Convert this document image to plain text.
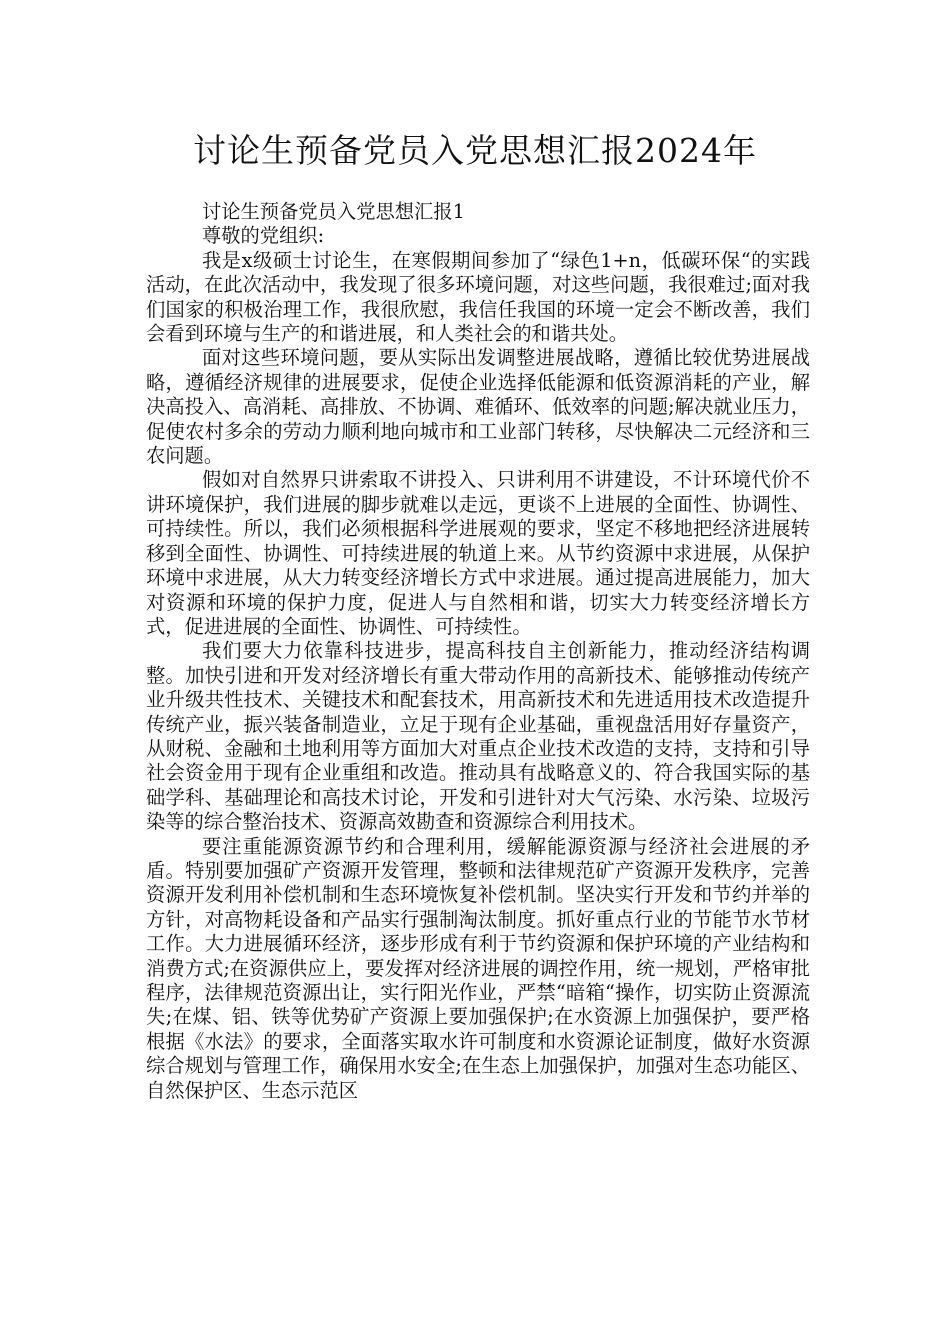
讨论生预备党员入党思想汇报2024年

讨论生预备党员入党思想汇报1

尊敬的党组织:

我是x级硕士讨论生，在寒假期间参加了“绿色1+n，低碳环保“的实践活动，在此次活动中，我发现了很多环境问题，对这些问题，我很难过;面对我们国家的积极治理工作，我很欣慰，我信任我国的环境一定会不断改善，我们会看到环境与生产的和谐进展，和人类社会的和谐共处。

面对这些环境问题，要从实际出发调整进展战略，遵循比较优势进展战略，遵循经济规律的进展要求，促使企业选择低能源和低资源消耗的产业，解决高投入、高消耗、高排放、不协调、难循环、低效率的问题;解决就业压力，促使农村多余的劳动力顺利地向城市和工业部门转移，尽快解决二元经济和三农问题。

假如对自然界只讲索取不讲投入、只讲利用不讲建设，不计环境代价不讲环境保护，我们进展的脚步就难以走远，更谈不上进展的全面性、协调性、可持续性。所以，我们必须根据科学进展观的要求，坚定不移地把经济进展转移到全面性、协调性、可持续进展的轨道上来。从节约资源中求进展，从保护环境中求进展，从大力转变经济增长方式中求进展。通过提高进展能力，加大对资源和环境的保护力度，促进人与自然相和谐，切实大力转变经济增长方式，促进进展的全面性、协调性、可持续性。

我们要大力依靠科技进步，提高科技自主创新能力，推动经济结构调整。加快引进和开发对经济增长有重大带动作用的高新技术、能够推动传统产业升级共性技术、关键技术和配套技术，用高新技术和先进适用技术改造提升传统产业，振兴装备制造业，立足于现有企业基础，重视盘活用好存量资产，从财税、金融和土地利用等方面加大对重点企业技术改造的支持，支持和引导社会资金用于现有企业重组和改造。推动具有战略意义的、符合我国实际的基础学科、基础理论和高技术讨论，开发和引进针对大气污染、水污染、垃圾污染等的综合整治技术、资源高效勘查和资源综合利用技术。

要注重能源资源节约和合理利用，缓解能源资源与经济社会进展的矛盾。特别要加强矿产资源开发管理，整顿和法律规范矿产资源开发秩序，完善资源开发利用补偿机制和生态环境恢复补偿机制。坚决实行开发和节约并举的方针，对高物耗设备和产品实行强制淘汰制度。抓好重点行业的节能节水节材工作。大力进展循环经济，逐步形成有利于节约资源和保护环境的产业结构和消费方式;在资源供应上，要发挥对经济进展的调控作用，统一规划，严格审批程序，法律规范资源出让，实行阳光作业，严禁“暗箱“操作，切实防止资源流失;在煤、铝、铁等优势矿产资源上要加强保护;在水资源上加强保护，要严格根据《水法》的要求，全面落实取水许可制度和水资源论证制度，做好水资源综合规划与管理工作，确保用水安全;在生态上加强保护，加强对生态功能区、自然保护区、生态示范区
